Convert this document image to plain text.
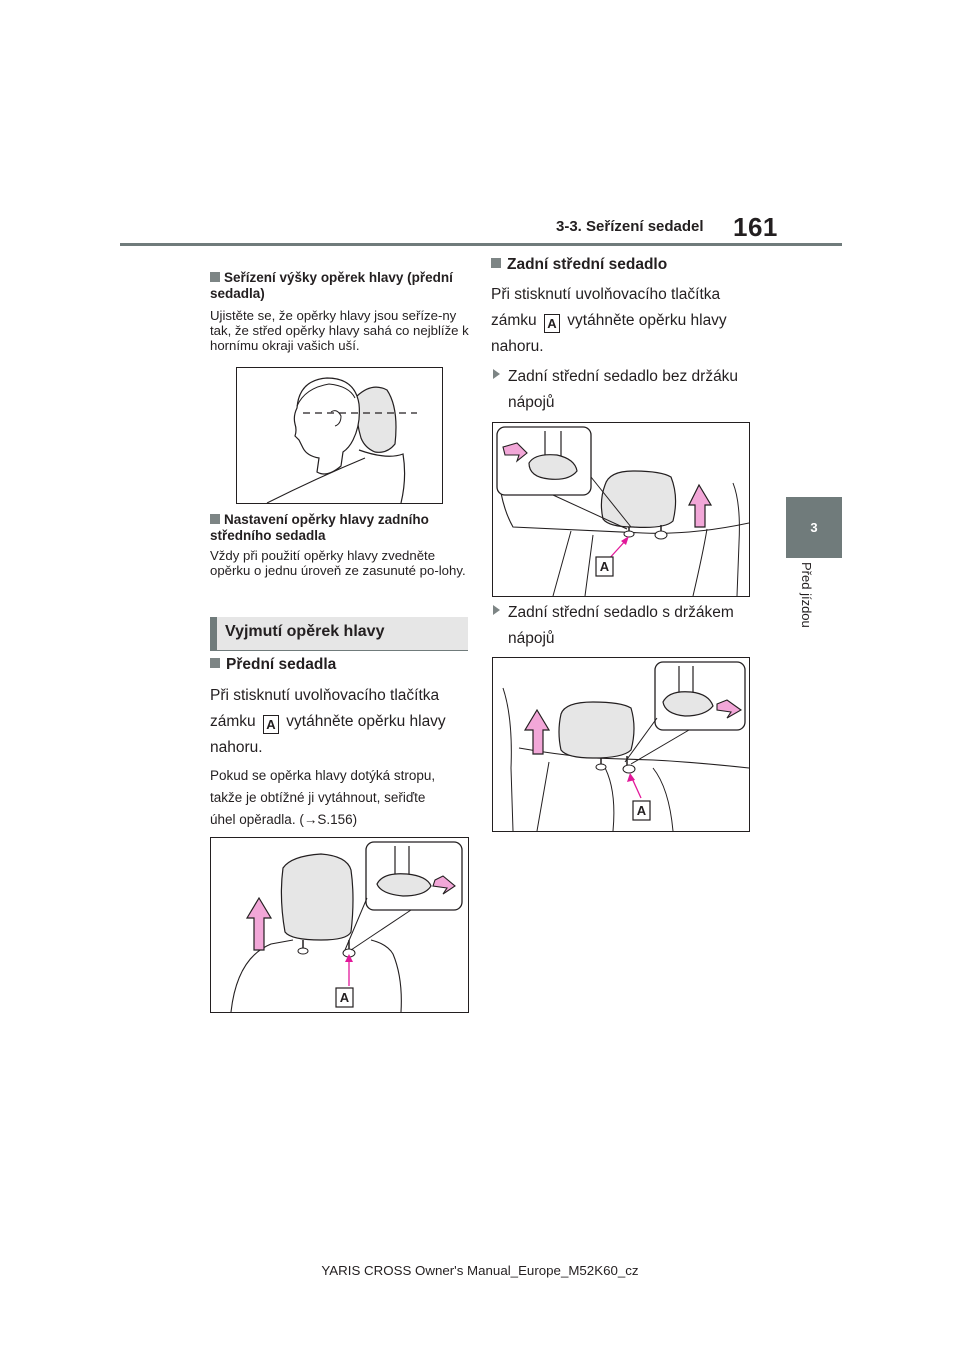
3-3. Seřízení sedadel 161
3
Před jízdou
Seřízení výšky opěrek hlavy (přední sedadla)
Ujistěte se, že opěrky hlavy jsou seříze-ny tak, že střed opěrky hlavy sahá co nejblíže k hornímu okraji vašich uší.
Nastavení opěrky hlavy zadního středního sedadla
Vždy při použití opěrky hlavy zvedněte opěrku o jednu úroveň ze zasunuté po-lohy.
Vyjmutí opěrek hlavy
Přední sedadla
Při stisknutí uvolňovacího tlačítka
zámku A vytáhněte opěrku hlavy
nahoru.
Pokud se opěrka hlavy dotýká stropu,
takže je obtížné ji vytáhnout, seřiďte
úhel opěradla. (→S.156)
A
Zadní střední sedadlo
Při stisknutí uvolňovacího tlačítka
zámku A vytáhněte opěrku hlavy
nahoru.
Zadní střední sedadlo bez držáku
nápojů
A
Zadní střední sedadlo s držákem
nápojů
A
YARIS CROSS Owner's Manual_Europe_M52K60_cz
